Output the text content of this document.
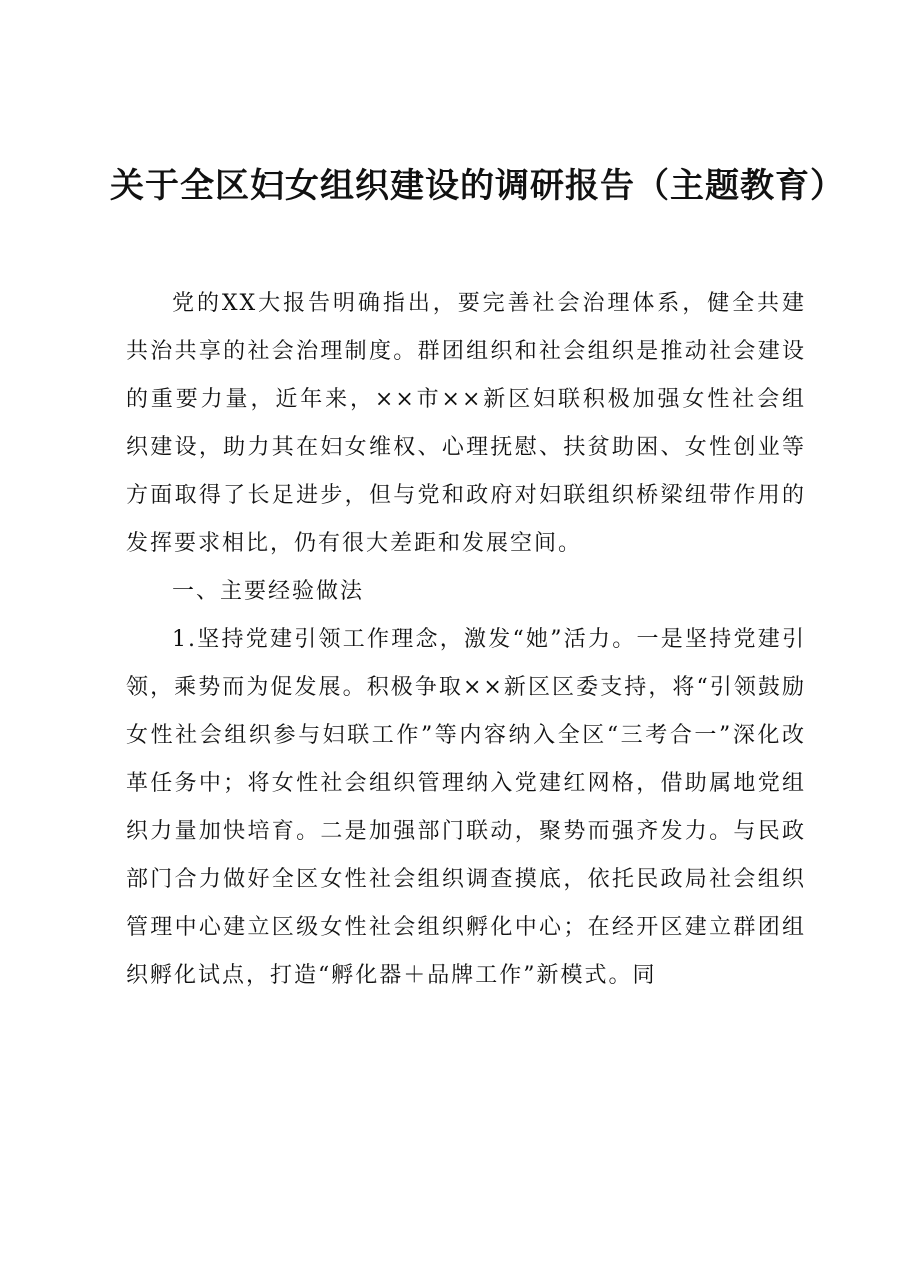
关于全区妇女组织建设的调研报告（主题教育）

党的XX大报告明确指出，要完善社会治理体系，健全共建共治共享的社会治理制度。群团组织和社会组织是推动社会建设的重要力量，近年来，××市××新区妇联积极加强女性社会组织建设，助力其在妇女维权、心理抚慰、扶贫助困、女性创业等方面取得了长足进步，但与党和政府对妇联组织桥梁纽带作用的发挥要求相比，仍有很大差距和发展空间。

一、主要经验做法

1.坚持党建引领工作理念，激发“她”活力。一是坚持党建引领，乘势而为促发展。积极争取××新区区委支持，将“引领鼓励女性社会组织参与妇联工作”等内容纳入全区“三考合一”深化改革任务中；将女性社会组织管理纳入党建红网格，借助属地党组织力量加快培育。二是加强部门联动，聚势而强齐发力。与民政部门合力做好全区女性社会组织调查摸底，依托民政局社会组织管理中心建立区级女性社会组织孵化中心；在经开区建立群团组织孵化试点，打造“孵化器＋品牌工作”新模式。同
